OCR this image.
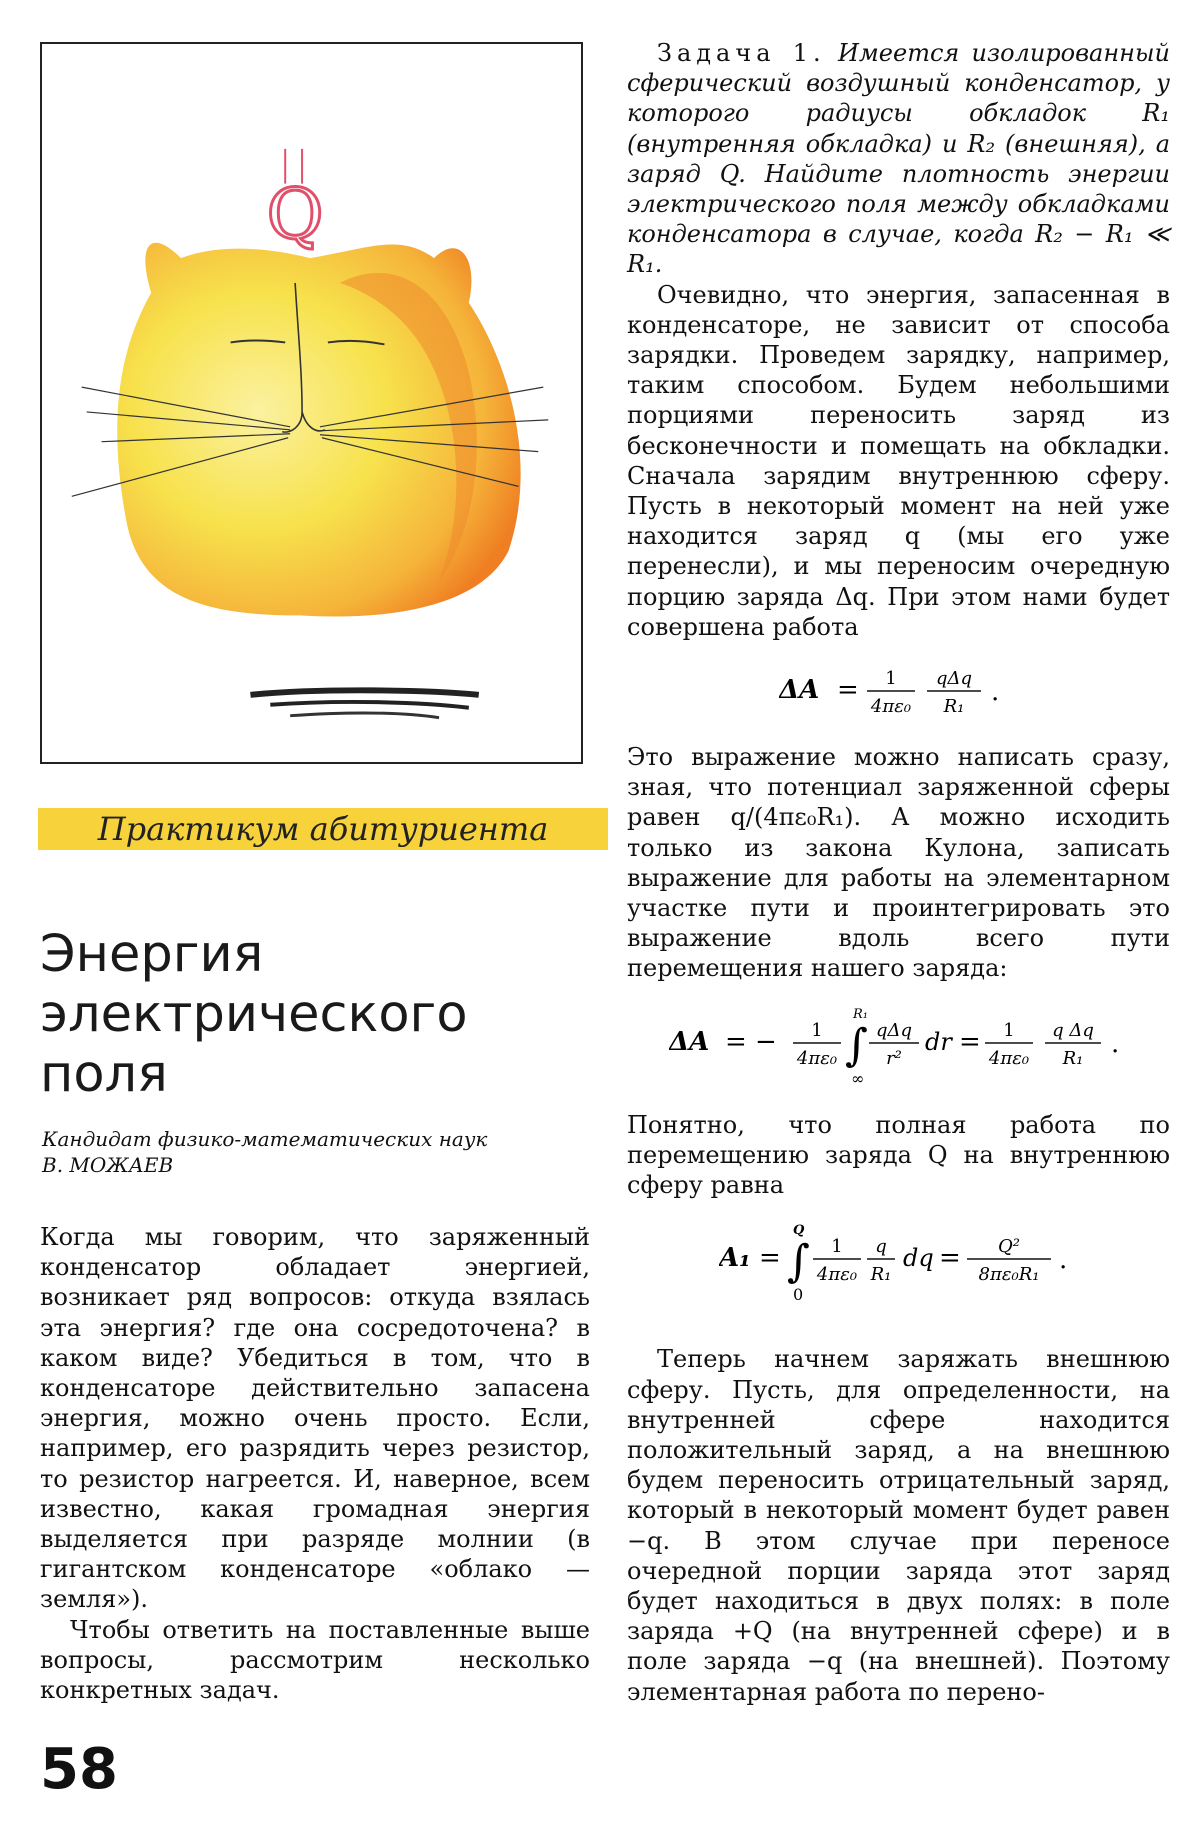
Q
Практикум абитуриента
Энергия
электрического
поля
Кандидат физико-математических наук
В. МОЖАЕВ

Когда мы говорим, что заряженный конденсатор обладает энергией, возникает ряд вопросов: откуда взялась эта энергия? где она сосредоточена? в каком виде? Убедиться в том, что в конденсаторе действительно запасена энергия, можно очень просто. Если, например, его разрядить через резистор, то резистор нагреется. И, наверное, всем известно, какая громадная энергия выделяется при разряде молнии (в гигантском конденсаторе «облако — земля»).

Чтобы ответить на поставленные выше вопросы, рассмотрим несколько конкретных задач.

58

Задача 1. Имеется изолированный сферический воздушный конденсатор, у которого радиусы обкладок R₁ (внутренняя обкладка) и R₂ (внешняя), а заряд Q. Найдите плотность энергии электрического поля между обкладками конденсатора в случае, когда R₂ − R₁ ≪ R₁.

Очевидно, что энергия, запасенная в конденсаторе, не зависит от способа зарядки. Проведем зарядку, например, таким способом. Будем небольшими порциями переносить заряд из бесконечности и помещать на обкладки. Сначала зарядим внутреннюю сферу. Пусть в некоторый момент на ней уже находится заряд q (мы его уже перенесли), и мы переносим очередную порцию заряда Δq. При этом нами будет совершена работа

ΔA = 1
4πε₀
qΔq
R₁ .

Это выражение можно написать сразу, зная, что потенциал заряженной сферы равен q/(4πε₀R₁). А можно исходить только из закона Кулона, записать выражение для работы на элементарном участке пути и проинтегрировать это выражение вдоль всего пути перемещения нашего заряда:

ΔA = − 1
4πε₀
R₁
∫
∞
qΔq
r²
dr = 1
4πε₀
q Δq
R₁ .

Понятно, что полная работа по перемещению заряда Q на внутреннюю сферу равна

A₁ =
Q
∫
0
1
4πε₀
q
R₁
dq = Q²
8πε₀R₁ .

Теперь начнем заряжать внешнюю сферу. Пусть, для определенности, на внутренней сфере находится положительный заряд, а на внешнюю будем переносить отрицательный заряд, который в некоторый момент будет равен −q. В этом случае при переносе очередной порции заряда этот заряд будет находиться в двух полях: в поле заряда +Q (на внутренней сфере) и в поле заряда −q (на внешней). Поэтому элементарная работа по перено-
